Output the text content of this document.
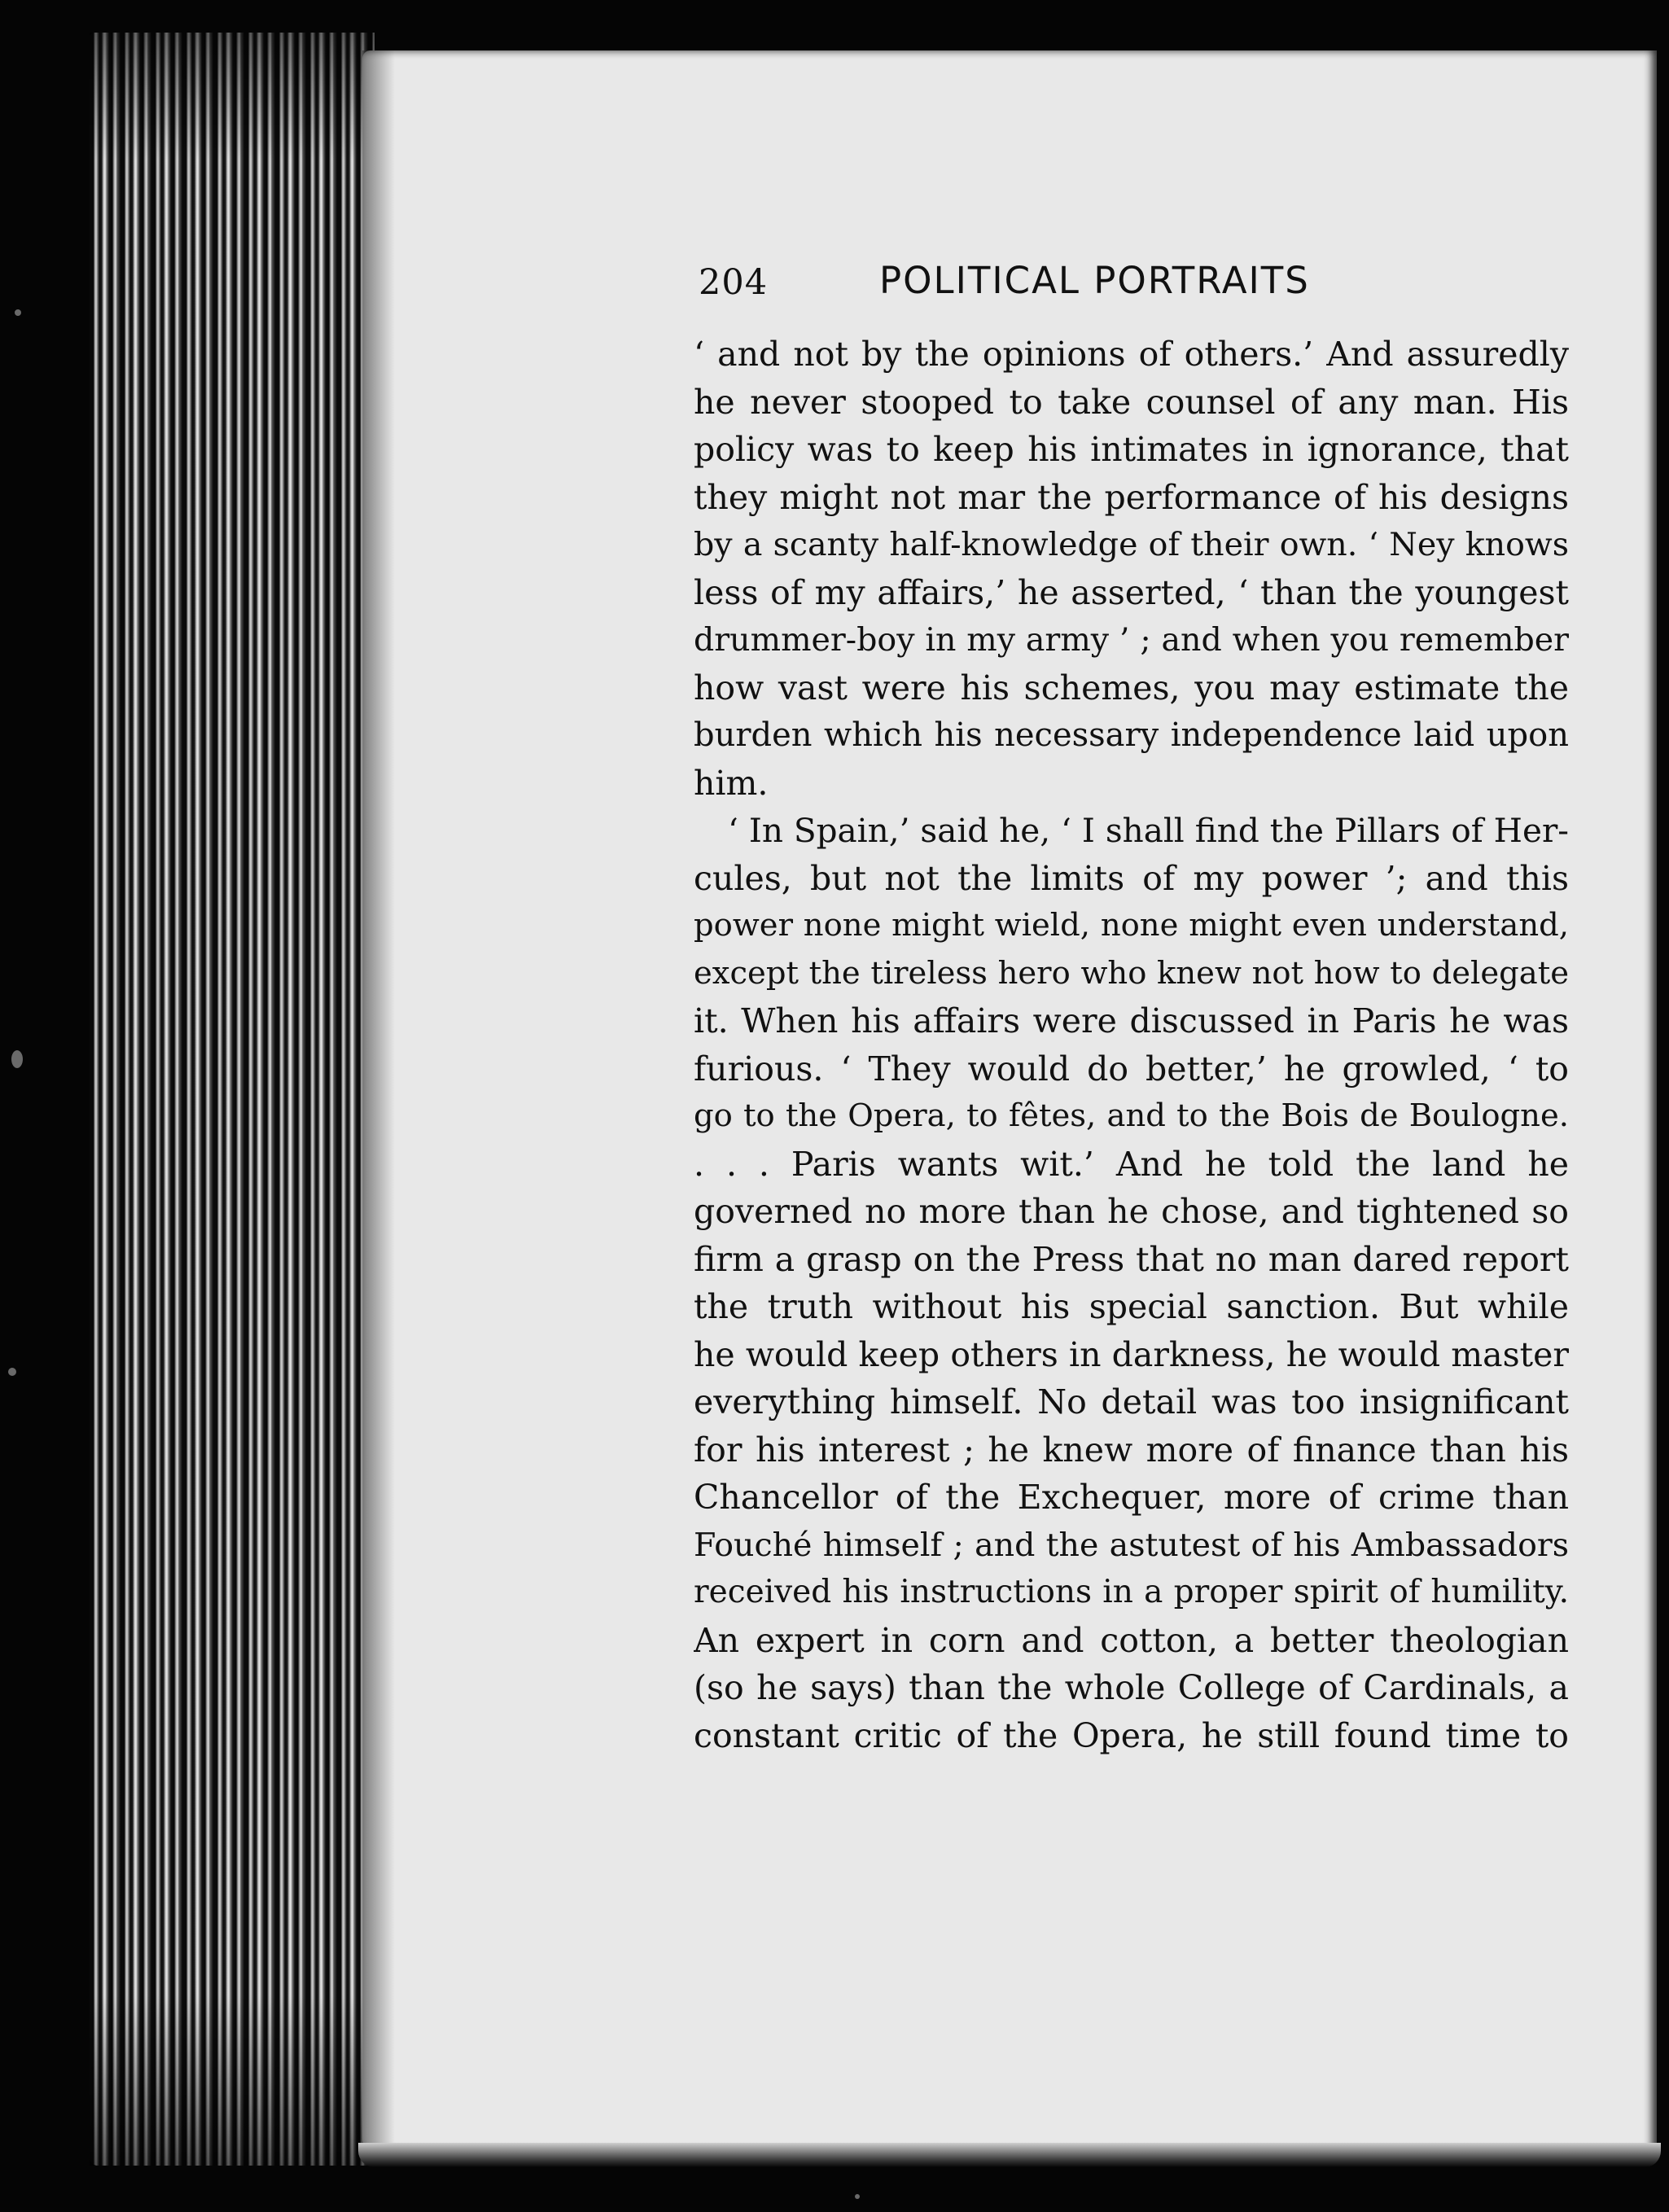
204	POLITICAL PORTRAITS
‘ and not by the opinions of others.’ And assuredly
he never stooped to take counsel of any man. His
policy was to keep his intimates in ignorance, that
they might not mar the performance of his designs
by a scanty half-knowledge of their own. ‘ Ney knows
less of my affairs,’ he asserted, ‘ than the youngest
drummer-boy in my army ’ ; and when you remember
how vast were his schemes, you may estimate the
burden which his necessary independence laid upon
him.
‘ In Spain,’ said he, ‘ I shall find the Pillars of Her-
cules, but not the limits of my power ’; and this
power none might wield, none might even understand,
except the tireless hero who knew not how to delegate
it. When his affairs were discussed in Paris he was
furious. ‘ They would do better,’ he growled, ‘ to
go to the Opera, to fêtes, and to the Bois de Boulogne.
. . . Paris wants wit.’ And he told the land he
governed no more than he chose, and tightened so
firm a grasp on the Press that no man dared report
the truth without his special sanction. But while
he would keep others in darkness, he would master
everything himself. No detail was too insignificant
for his interest ; he knew more of finance than his
Chancellor of the Exchequer, more of crime than
Fouché himself ; and the astutest of his Ambassadors
received his instructions in a proper spirit of humility.
An expert in corn and cotton, a better theologian
(so he says) than the whole College of Cardinals, a
constant critic of the Opera, he still found time to
